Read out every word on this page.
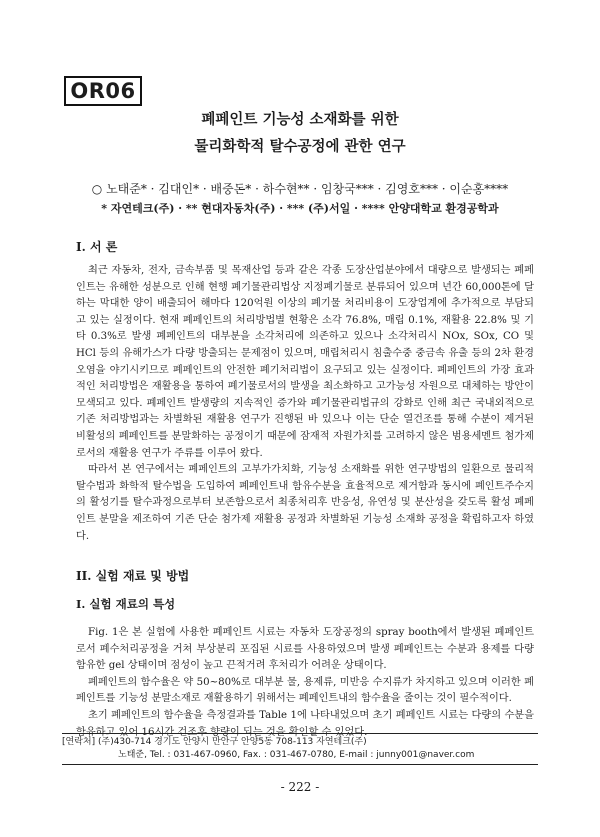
OR06
폐페인트 기능성 소재화를 위한
물리화학적 탈수공정에 관한 연구
○ 노태준* · 김대인* · 배중돈* · 하수현** · 임창국*** · 김영호*** · 이순홍****
* 자연테크(주) · ** 현대자동차(주) · *** (주)서일 · **** 안양대학교 환경공학과
I. 서 론

최근 자동차, 전자, 금속부품 및 목재산업 등과 같은 각종 도장산업분야에서 대량으로 발생되는 폐페인트는 유해한 성분으로 인해 현행 폐기물관리법상 지정폐기물로 분류되어 있으며 년간 60,000톤에 달하는 막대한 양이 배출되어 해마다 120억원 이상의 폐기물 처리비용이 도장업계에 추가적으로 부담되고 있는 실정이다. 현재 폐페인트의 처리방법별 현황은 소각 76.8%, 매립 0.1%, 재활용 22.8% 및 기타 0.3%로 발생 폐페인트의 대부분을 소각처리에 의존하고 있으나 소각처리시 NOx, SOx, CO 및 HCl 등의 유해가스가 다량 방출되는 문제점이 있으며, 매립처리시 침출수중 중금속 유출 등의 2차 환경오염을 야기시키므로 폐페인트의 안전한 폐기처리법이 요구되고 있는 실정이다. 폐페인트의 가장 효과적인 처리방법은 재활용을 통하여 폐기물로서의 발생을 최소화하고 고가능성 자원으로 대체하는 방안이 모색되고 있다. 폐페인트 발생량의 지속적인 증가와 폐기물관리법규의 강화로 인해 최근 국내외적으로 기존 처리방법과는 차별화된 재활용 연구가 진행된 바 있으나 이는 단순 열건조를 통해 수분이 제거된 비활성의 폐페인트를 분말화하는 공정이기 때문에 잠재적 자원가치를 고려하지 않은 범용세멘트 첨가제로서의 재활용 연구가 주류를 이루어 왔다.

따라서 본 연구에서는 폐페인트의 고부가가치화, 기능성 소재화를 위한 연구방법의 일환으로 물리적 탈수법과 화학적 탈수법을 도입하여 폐페인트내 함유수분을 효율적으로 제거함과 동시에 폐인트주수지의 활성기를 탈수과정으로부터 보존함으로서 최종처리후 반응성, 유연성 및 분산성을 갖도록 활성 폐페인트 분말을 제조하여 기존 단순 첨가제 재활용 공정과 차별화된 기능성 소재화 공정을 확립하고자 하였다.

II. 실험 재료 및 방법
I. 실험 재료의 특성

Fig. 1은 본 실험에 사용한 폐페인트 시료는 자동차 도장공정의 spray booth에서 발생된 폐페인트로서 폐수처리공정을 거쳐 부상분리 포집된 시료를 사용하였으며 발생 폐페인트는 수분과 용제를 다량 함유한 gel 상태이며 점성이 높고 끈적거려 후처리가 어려운 상태이다.

폐페인트의 함수율은 약 50~80%로 대부분 물, 용제류, 미반응 수지류가 차지하고 있으며 이러한 폐페인트를 기능성 분말소재로 재활용하기 위해서는 폐페인트내의 함수율을 줄이는 것이 필수적이다.

초기 폐페인트의 함수율을 측정결과를 Table 1에 나타내었으며 초기 폐페인트 시료는 다량의 수분을 함유하고 있어 16시간 건조후 향량이 되는 것을 확인할 수 있었다.

[연락처] (주)430-714 경기도 안양시 만안구 안양5동 708-113 자연테크(주)
노태준, Tel. : 031-467-0960, Fax. : 031-467-0780, E-mail : junny001@naver.com
- 222 -
